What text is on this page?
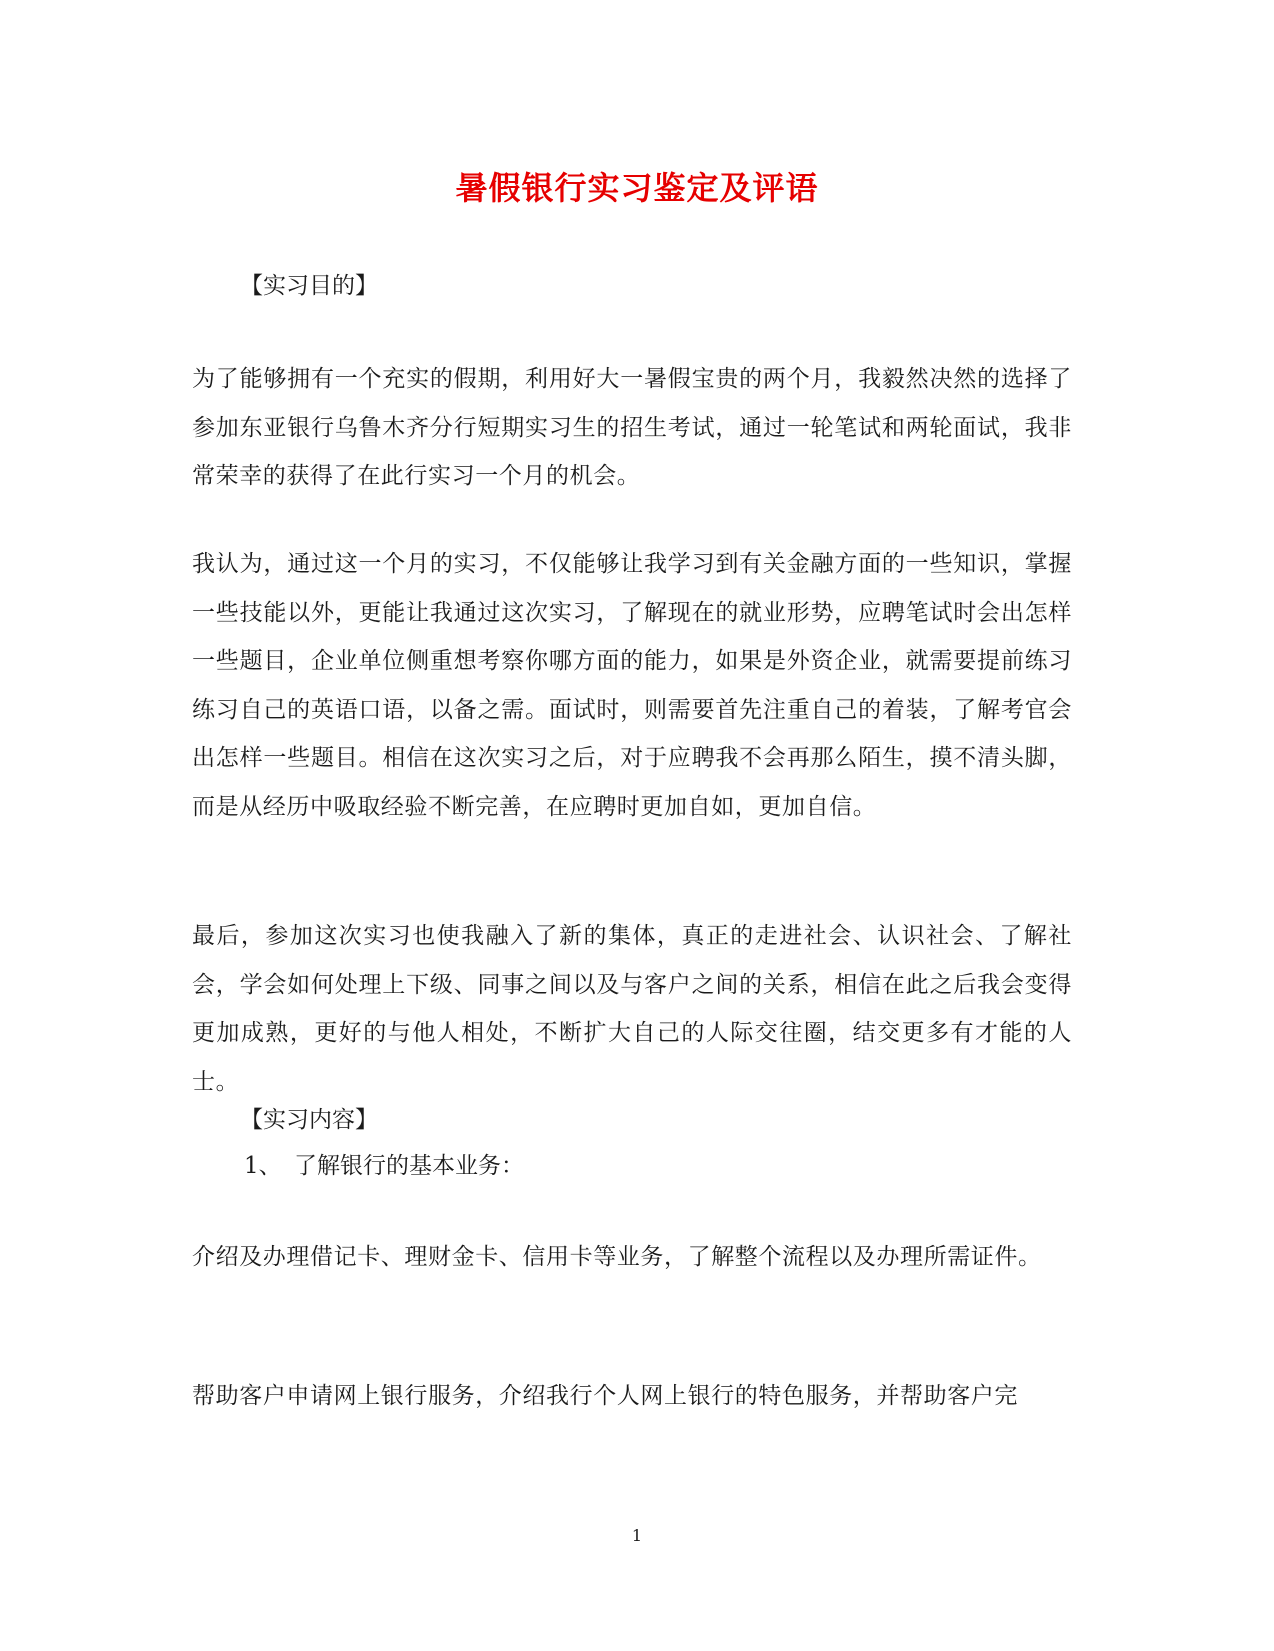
暑假银行实习鉴定及评语
【实习目的】
为了能够拥有一个充实的假期，利用好大一暑假宝贵的两个月，我毅然决然的选择了参加东亚银行乌鲁木齐分行短期实习生的招生考试，通过一轮笔试和两轮面试，我非常荣幸的获得了在此行实习一个月的机会。
我认为，通过这一个月的实习，不仅能够让我学习到有关金融方面的一些知识，掌握一些技能以外，更能让我通过这次实习，了解现在的就业形势，应聘笔试时会出怎样一些题目，企业单位侧重想考察你哪方面的能力，如果是外资企业，就需要提前练习练习自己的英语口语，以备之需。面试时，则需要首先注重自己的着装，了解考官会出怎样一些题目。相信在这次实习之后，对于应聘我不会再那么陌生，摸不清头脚，而是从经历中吸取经验不断完善，在应聘时更加自如，更加自信。
最后，参加这次实习也使我融入了新的集体，真正的走进社会、认识社会、了解社会，学会如何处理上下级、同事之间以及与客户之间的关系，相信在此之后我会变得更加成熟，更好的与他人相处，不断扩大自己的人际交往圈，结交更多有才能的人士。
【实习内容】
1、 了解银行的基本业务：
介绍及办理借记卡、理财金卡、信用卡等业务，了解整个流程以及办理所需证件。
帮助客户申请网上银行服务，介绍我行个人网上银行的特色服务，并帮助客户完
1
